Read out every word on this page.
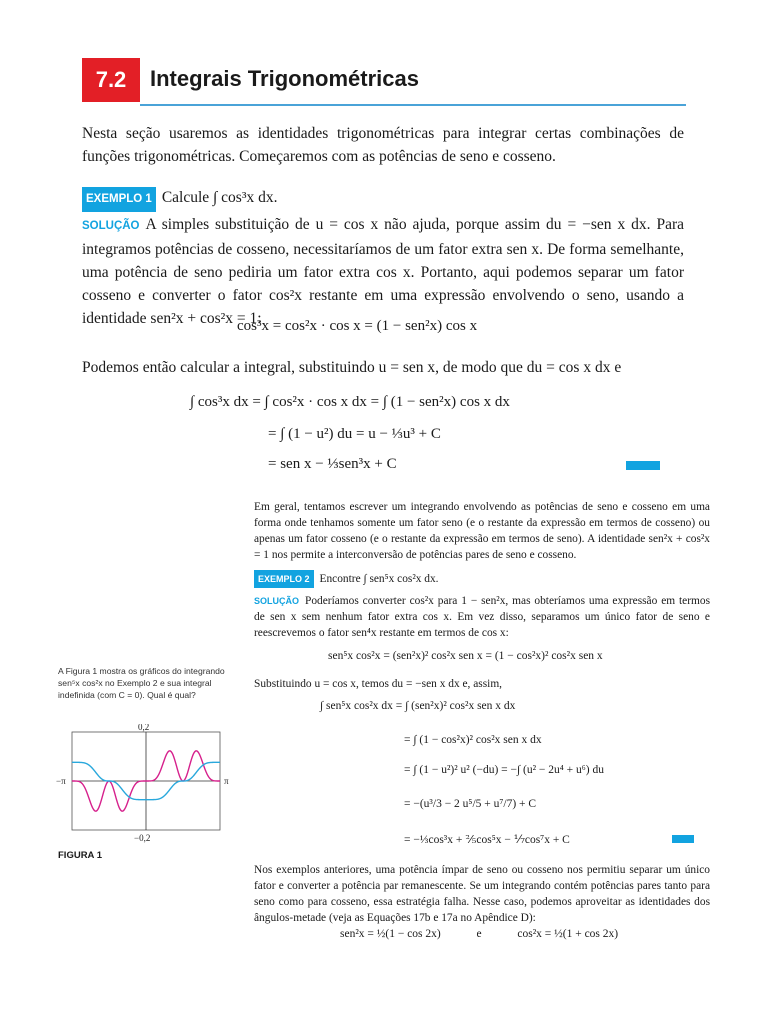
7.2	Integrais Trigonométricas
Nesta seção usaremos as identidades trigonométricas para integrar certas combinações de funções trigonométricas. Começaremos com as potências de seno e cosseno.
EXEMPLO 1 Calcule ∫ cos³x dx.
SOLUÇÃO A simples substituição de u = cos x não ajuda, porque assim du = −sen x dx. Para integramos potências de cosseno, necessitaríamos de um fator extra sen x. De forma semelhante, uma potência de seno pediria um fator extra cos x. Portanto, aqui podemos separar um fator cosseno e converter o fator cos²x restante em uma expressão envolvendo o seno, usando a identidade sen²x + cos²x = 1:
cos³x = cos²x · cos x = (1 − sen²x) cos x
Podemos então calcular a integral, substituindo u = sen x, de modo que du = cos x dx e
∫ cos³x dx = ∫ cos²x · cos x dx = ∫ (1 − sen²x) cos x dx
= ∫ (1 − u²) du = u − ⅓u³ + C
= sen x − ⅓sen³x + C
Em geral, tentamos escrever um integrando envolvendo as potências de seno e cosseno em uma forma onde tenhamos somente um fator seno (e o restante da expressão em termos de cosseno) ou apenas um fator cosseno (e o restante da expressão em termos de seno). A identidade sen²x + cos²x = 1 nos permite a interconversão de potências pares de seno e cosseno.
EXEMPLO 2 Encontre ∫ sen⁵x cos²x dx.
SOLUÇÃO Poderíamos converter cos²x para 1 − sen²x, mas obteríamos uma expressão em termos de sen x sem nenhum fator extra cos x. Em vez disso, separamos um único fator de seno e reescrevemos o fator sen⁴x restante em termos de cos x:
sen⁵x cos²x = (sen²x)² cos²x sen x = (1 − cos²x)² cos²x sen x
Substituindo u = cos x, temos du = −sen x dx e, assim,
∫ sen⁵x cos²x dx = ∫ (sen²x)² cos²x sen x dx
= ∫ (1 − cos²x)² cos²x sen x dx
= ∫ (1 − u²)² u² (−du) = −∫ (u² − 2u⁴ + u⁶) du
= −(u³/3 − 2 u⁵/5 + u⁷/7) + C
= −⅓cos³x + ⅖cos⁵x − ⅐cos⁷x + C
A Figura 1 mostra os gráficos do integrando sen⁵x cos²x no Exemplo 2 e sua integral indefinida (com C = 0). Qual é qual?
0,2
−0,2
−π	π
FIGURA 1
Nos exemplos anteriores, uma potência ímpar de seno ou cosseno nos permitiu separar um único fator e converter a potência par remanescente. Se um integrando contém potências pares tanto para seno como para cosseno, essa estratégia falha. Nesse caso, podemos aproveitar as identidades dos ângulos-metade (veja as Equações 17b e 17a no Apêndice D):
sen²x = ½(1 − cos 2x)	e	cos²x = ½(1 + cos 2x)
